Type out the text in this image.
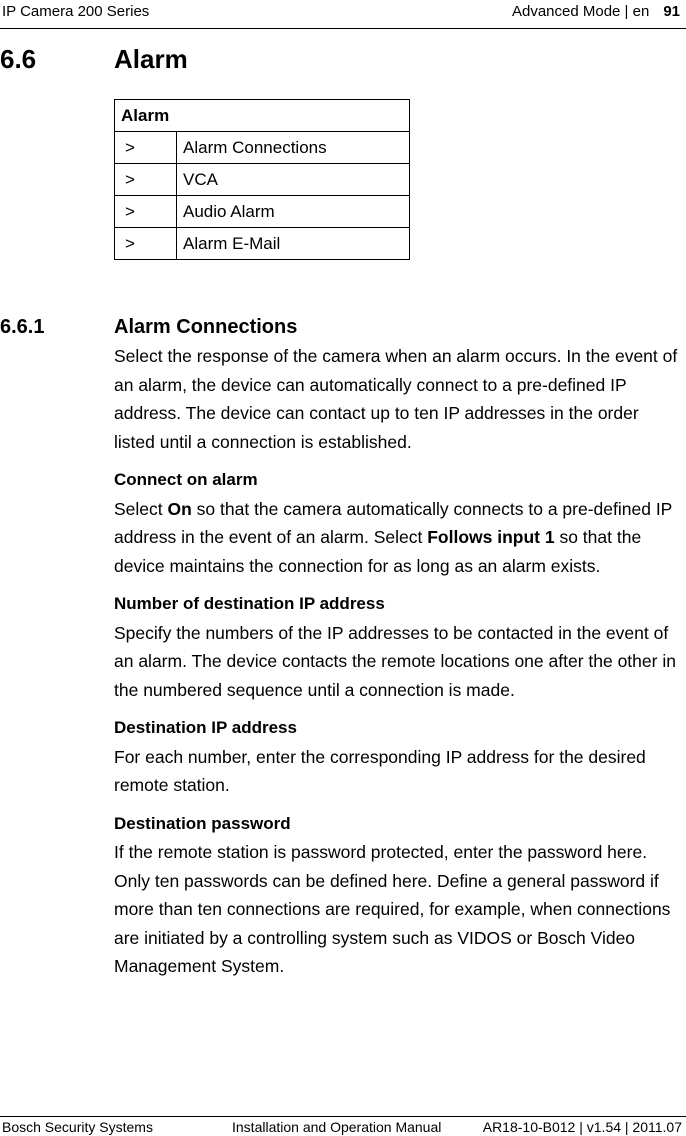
IP Camera 200 Series	Advanced Mode | en 91
6.6	Alarm
Alarm	
>	Alarm Connections
>	VCA
>	Audio Alarm
>	Alarm E-Mail
6.6.1	Alarm Connections

Select the response of the camera when an alarm occurs. In the event of an alarm, the device can automatically connect to a pre-defined IP address. The device can contact up to ten IP addresses in the order listed until a connection is established.

Connect on alarm

Select On so that the camera automatically connects to a pre-defined IP address in the event of an alarm. Select Follows input 1 so that the device maintains the connection for as long as an alarm exists.

Number of destination IP address

Specify the numbers of the IP addresses to be contacted in the event of an alarm. The device contacts the remote locations one after the other in the numbered sequence until a connection is made.

Destination IP address

For each number, enter the corresponding IP address for the desired remote station.

Destination password
If the remote station is password protected, enter the password here.
Only ten passwords can be defined here. Define a general password if more than ten connections are required, for example, when connections are initiated by a controlling system such as VIDOS or Bosch Video Management System.
Bosch Security Systems	Installation and Operation Manual	AR18-10-B012 | v1.54 | 2011.07
